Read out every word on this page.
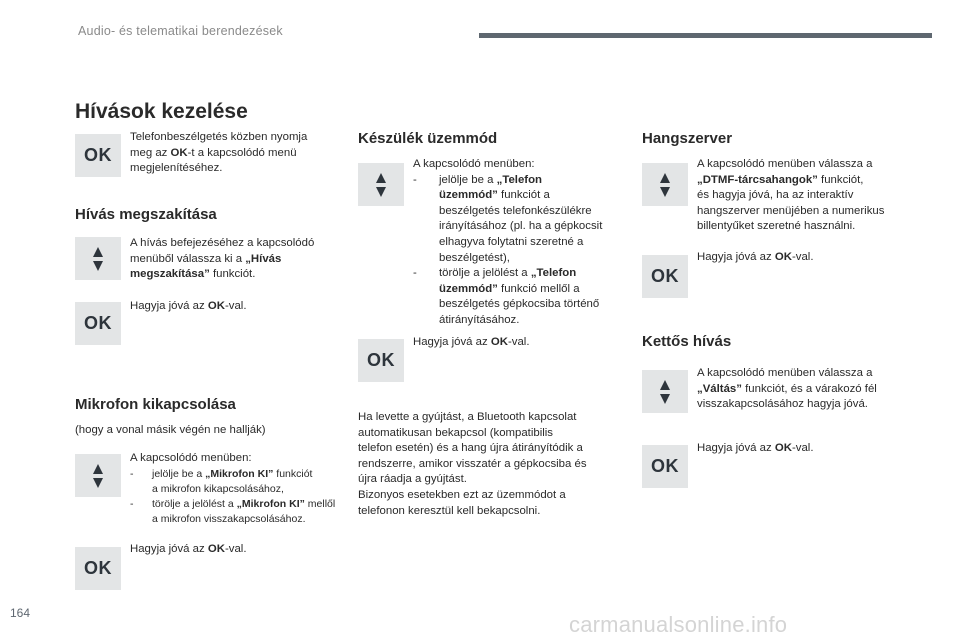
Audio- és telematikai berendezések
Hívások kezelése
OK
Telefonbeszélgetés közben nyomja
meg az OK-t a kapcsolódó menü
megjelenítéséhez.
Hívás megszakítása
A hívás befejezéséhez a kapcsolódó
menüből válassza ki a „Hívás
megszakítása” funkciót.
OK
Hagyja jóvá az OK-val.
Mikrofon kikapcsolása
(hogy a vonal másik végén ne hallják)
A kapcsolódó menüben:
- jelölje be a „Mikrofon KI” funkciót
a mikrofon kikapcsolásához,
- törölje a jelölést a „Mikrofon KI” mellől
a mikrofon visszakapcsolásához.
OK
Hagyja jóvá az OK-val.
Készülék üzemmód
A kapcsolódó menüben:
- jelölje be a „Telefon
üzemmód” funkciót a
beszélgetés telefonkészülékre
irányításához (pl. ha a gépkocsit
elhagyva folytatni szeretné a
beszélgetést),
- törölje a jelölést a „Telefon
üzemmód” funkció mellől a
beszélgetés gépkocsiba történő
átirányításához.
OK
Hagyja jóvá az OK-val.
Ha levette a gyújtást, a Bluetooth kapcsolat
automatikusan bekapcsol (kompatibilis
telefon esetén) és a hang újra átirányítódik a
rendszerre, amikor visszatér a gépkocsiba és
újra ráadja a gyújtást.
Bizonyos esetekben ezt az üzemmódot a
telefonon keresztül kell bekapcsolni.
Hangszerver
A kapcsolódó menüben válassza a
„DTMF-tárcsahangok” funkciót,
és hagyja jóvá, ha az interaktív
hangszerver menüjében a numerikus
billentyűket szeretné használni.
OK
Hagyja jóvá az OK-val.
Kettős hívás
A kapcsolódó menüben válassza a
„Váltás” funkciót, és a várakozó fél
visszakapcsolásához hagyja jóvá.
OK
Hagyja jóvá az OK-val.
164	carmanualsonline.info
